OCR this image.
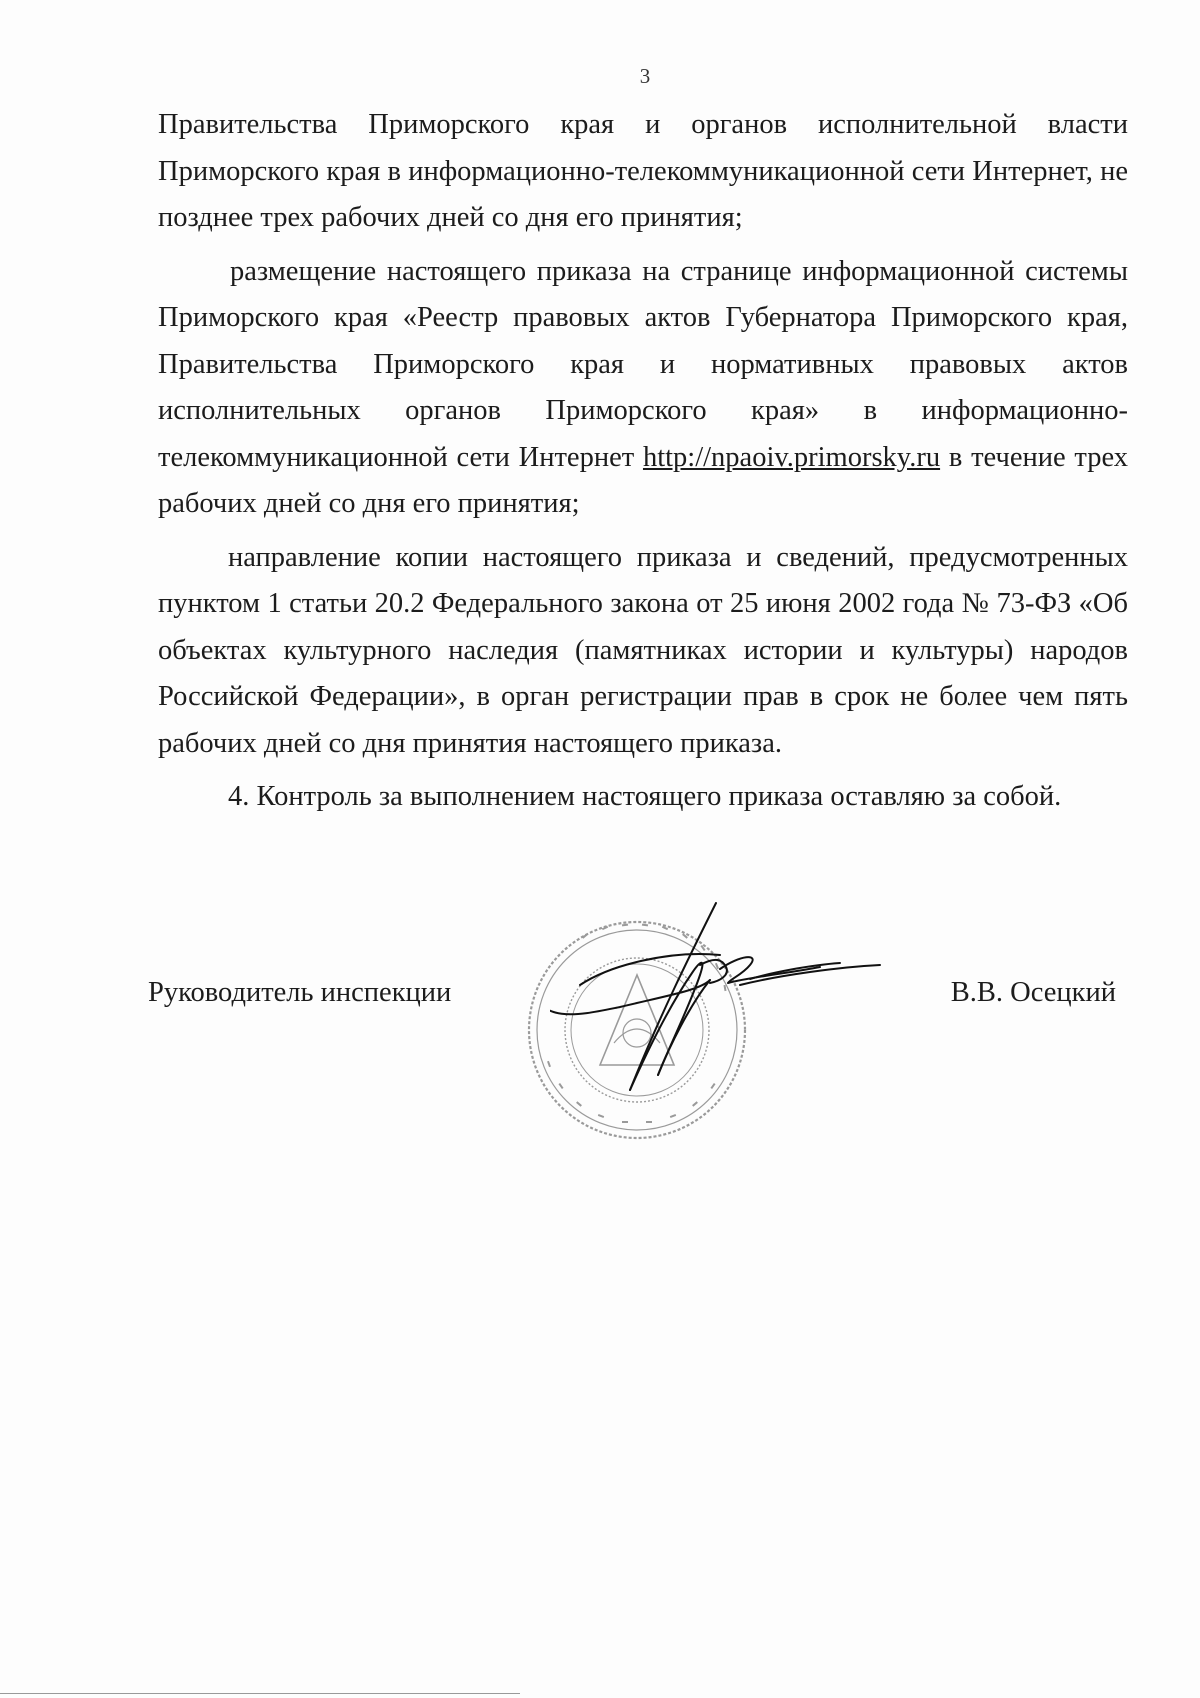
3

Правительства Приморского края и органов исполнительной власти Приморского края в информационно-телекоммуникационной сети Интернет, не позднее трех рабочих дней со дня его принятия;

размещение настоящего приказа на странице информационной системы Приморского края «Реестр правовых актов Губернатора Приморского края, Правительства Приморского края и нормативных правовых актов исполнительных органов Приморского края» в информационно-телекоммуникационной сети Интернет http://npaoiv.primorsky.ru в течение трех рабочих дней со дня его принятия;

направление копии настоящего приказа и сведений, предусмотренных пунктом 1 статьи 20.2 Федерального закона от 25 июня 2002 года № 73-ФЗ «Об объектах культурного наследия (памятниках истории и культуры) народов Российской Федерации», в орган регистрации прав в срок не более чем пять рабочих дней со дня принятия настоящего приказа.

4. Контроль за выполнением настоящего приказа оставляю за собой.

Руководитель инспекции	В.В. Осецкий
